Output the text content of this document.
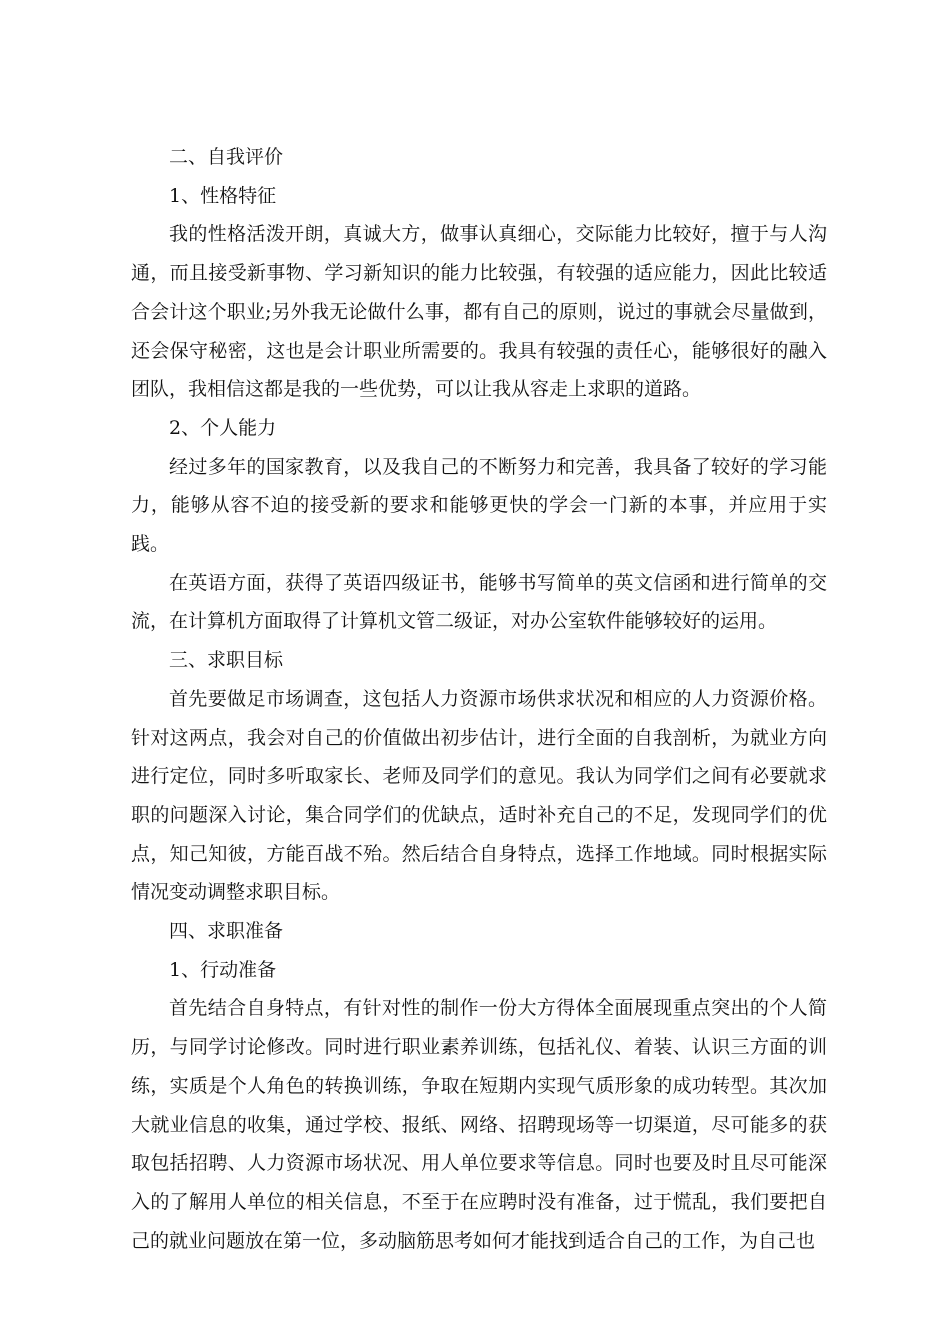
二、自我评价

1、性格特征

我的性格活泼开朗，真诚大方，做事认真细心，交际能力比较好，擅于与人沟通，而且接受新事物、学习新知识的能力比较强，有较强的适应能力，因此比较适合会计这个职业;另外我无论做什么事，都有自己的原则，说过的事就会尽量做到，还会保守秘密，这也是会计职业所需要的。我具有较强的责任心，能够很好的融入团队，我相信这都是我的一些优势，可以让我从容走上求职的道路。

2、个人能力

经过多年的国家教育，以及我自己的不断努力和完善，我具备了较好的学习能力，能够从容不迫的接受新的要求和能够更快的学会一门新的本事，并应用于实践。

在英语方面，获得了英语四级证书，能够书写简单的英文信函和进行简单的交流，在计算机方面取得了计算机文管二级证，对办公室软件能够较好的运用。

三、求职目标

首先要做足市场调查，这包括人力资源市场供求状况和相应的人力资源价格。针对这两点，我会对自己的价值做出初步估计，进行全面的自我剖析，为就业方向进行定位，同时多听取家长、老师及同学们的意见。我认为同学们之间有必要就求职的问题深入讨论，集合同学们的优缺点，适时补充自己的不足，发现同学们的优点，知己知彼，方能百战不殆。然后结合自身特点，选择工作地域。同时根据实际情况变动调整求职目标。

四、求职准备

1、行动准备

首先结合自身特点，有针对性的制作一份大方得体全面展现重点突出的个人简历，与同学讨论修改。同时进行职业素养训练，包括礼仪、着装、认识三方面的训练，实质是个人角色的转换训练，争取在短期内实现气质形象的成功转型。其次加大就业信息的收集，通过学校、报纸、网络、招聘现场等一切渠道，尽可能多的获取包括招聘、人力资源市场状况、用人单位要求等信息。同时也要及时且尽可能深入的了解用人单位的相关信息，不至于在应聘时没有准备，过于慌乱，我们要把自己的就业问题放在第一位，多动脑筋思考如何才能找到适合自己的工作，为自己也
